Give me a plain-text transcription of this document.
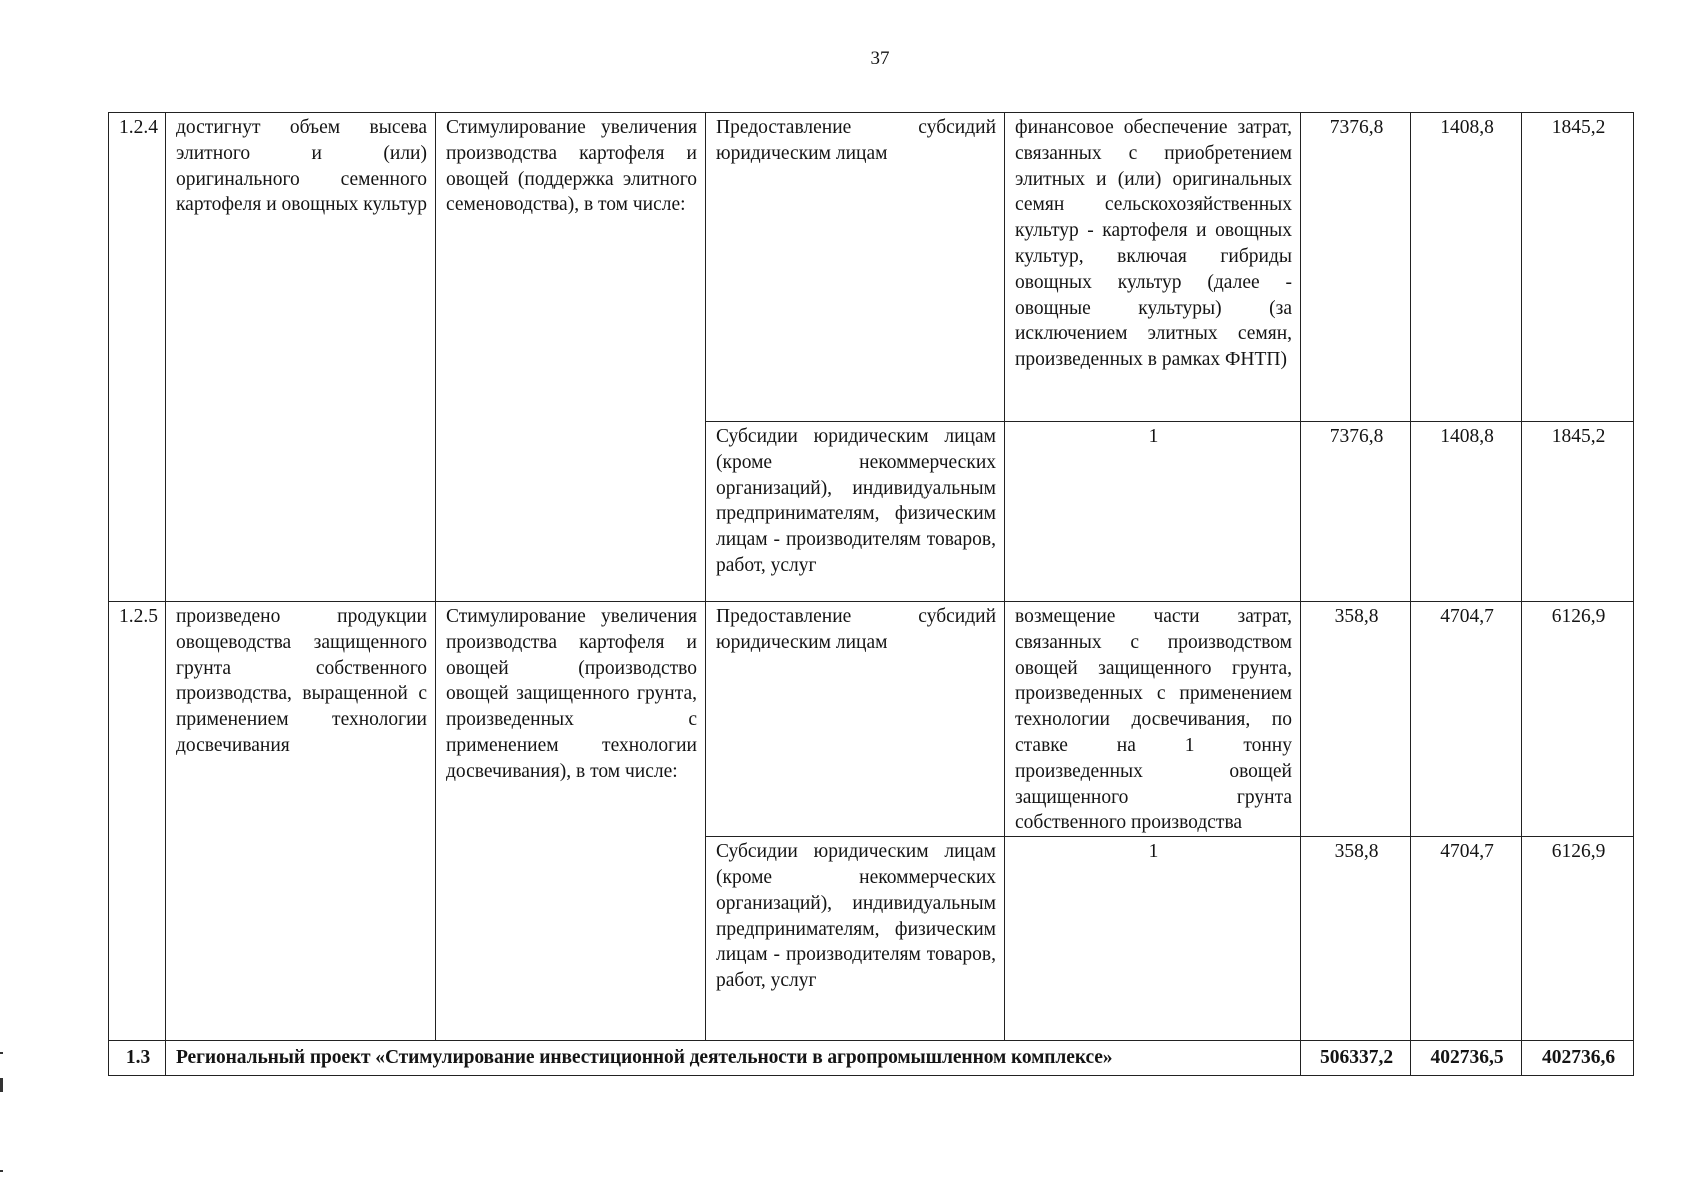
37
1.2.4	достигнут объем высева элитного и (или) оригинального семенного картофеля и овощных культур	Стимулирование увеличения производства картофеля и овощей (поддержка элитного семеноводства), в том числе:	Предоставление субсидий юридическим лицам	финансовое обеспечение затрат, связанных с приобретением элитных и (или) оригинальных семян сельскохозяйственных культур - картофеля и овощных культур, включая гибриды овощных культур (далее - овощные культуры) (за исключением элитных семян, произведенных в рамках ФНТП)	7376,8	1408,8	1845,2
			Субсидии юридическим лицам (кроме некоммерческих организаций), индивидуальным предпринимателям, физическим лицам - производителям товаров, работ, услуг	1	7376,8	1408,8	1845,2
1.2.5	произведено продукции овощеводства защищенного грунта собственного производства, выращенной с применением технологии досвечивания	Стимулирование увеличения производства картофеля и овощей (производство овощей защищенного грунта, произведенных с применением технологии досвечивания), в том числе:	Предоставление субсидий юридическим лицам	возмещение части затрат, связанных с производством овощей защищенного грунта, произведенных с применением технологии досвечивания, по ставке на 1 тонну произведенных овощей защищенного грунта собственного производства	358,8	4704,7	6126,9
			Субсидии юридическим лицам (кроме некоммерческих организаций), индивидуальным предпринимателям, физическим лицам - производителям товаров, работ, услуг	1	358,8	4704,7	6126,9
1.3	Региональный проект «Стимулирование инвестиционной деятельности в агропромышленном комплексе»				506337,2	402736,5	402736,6
